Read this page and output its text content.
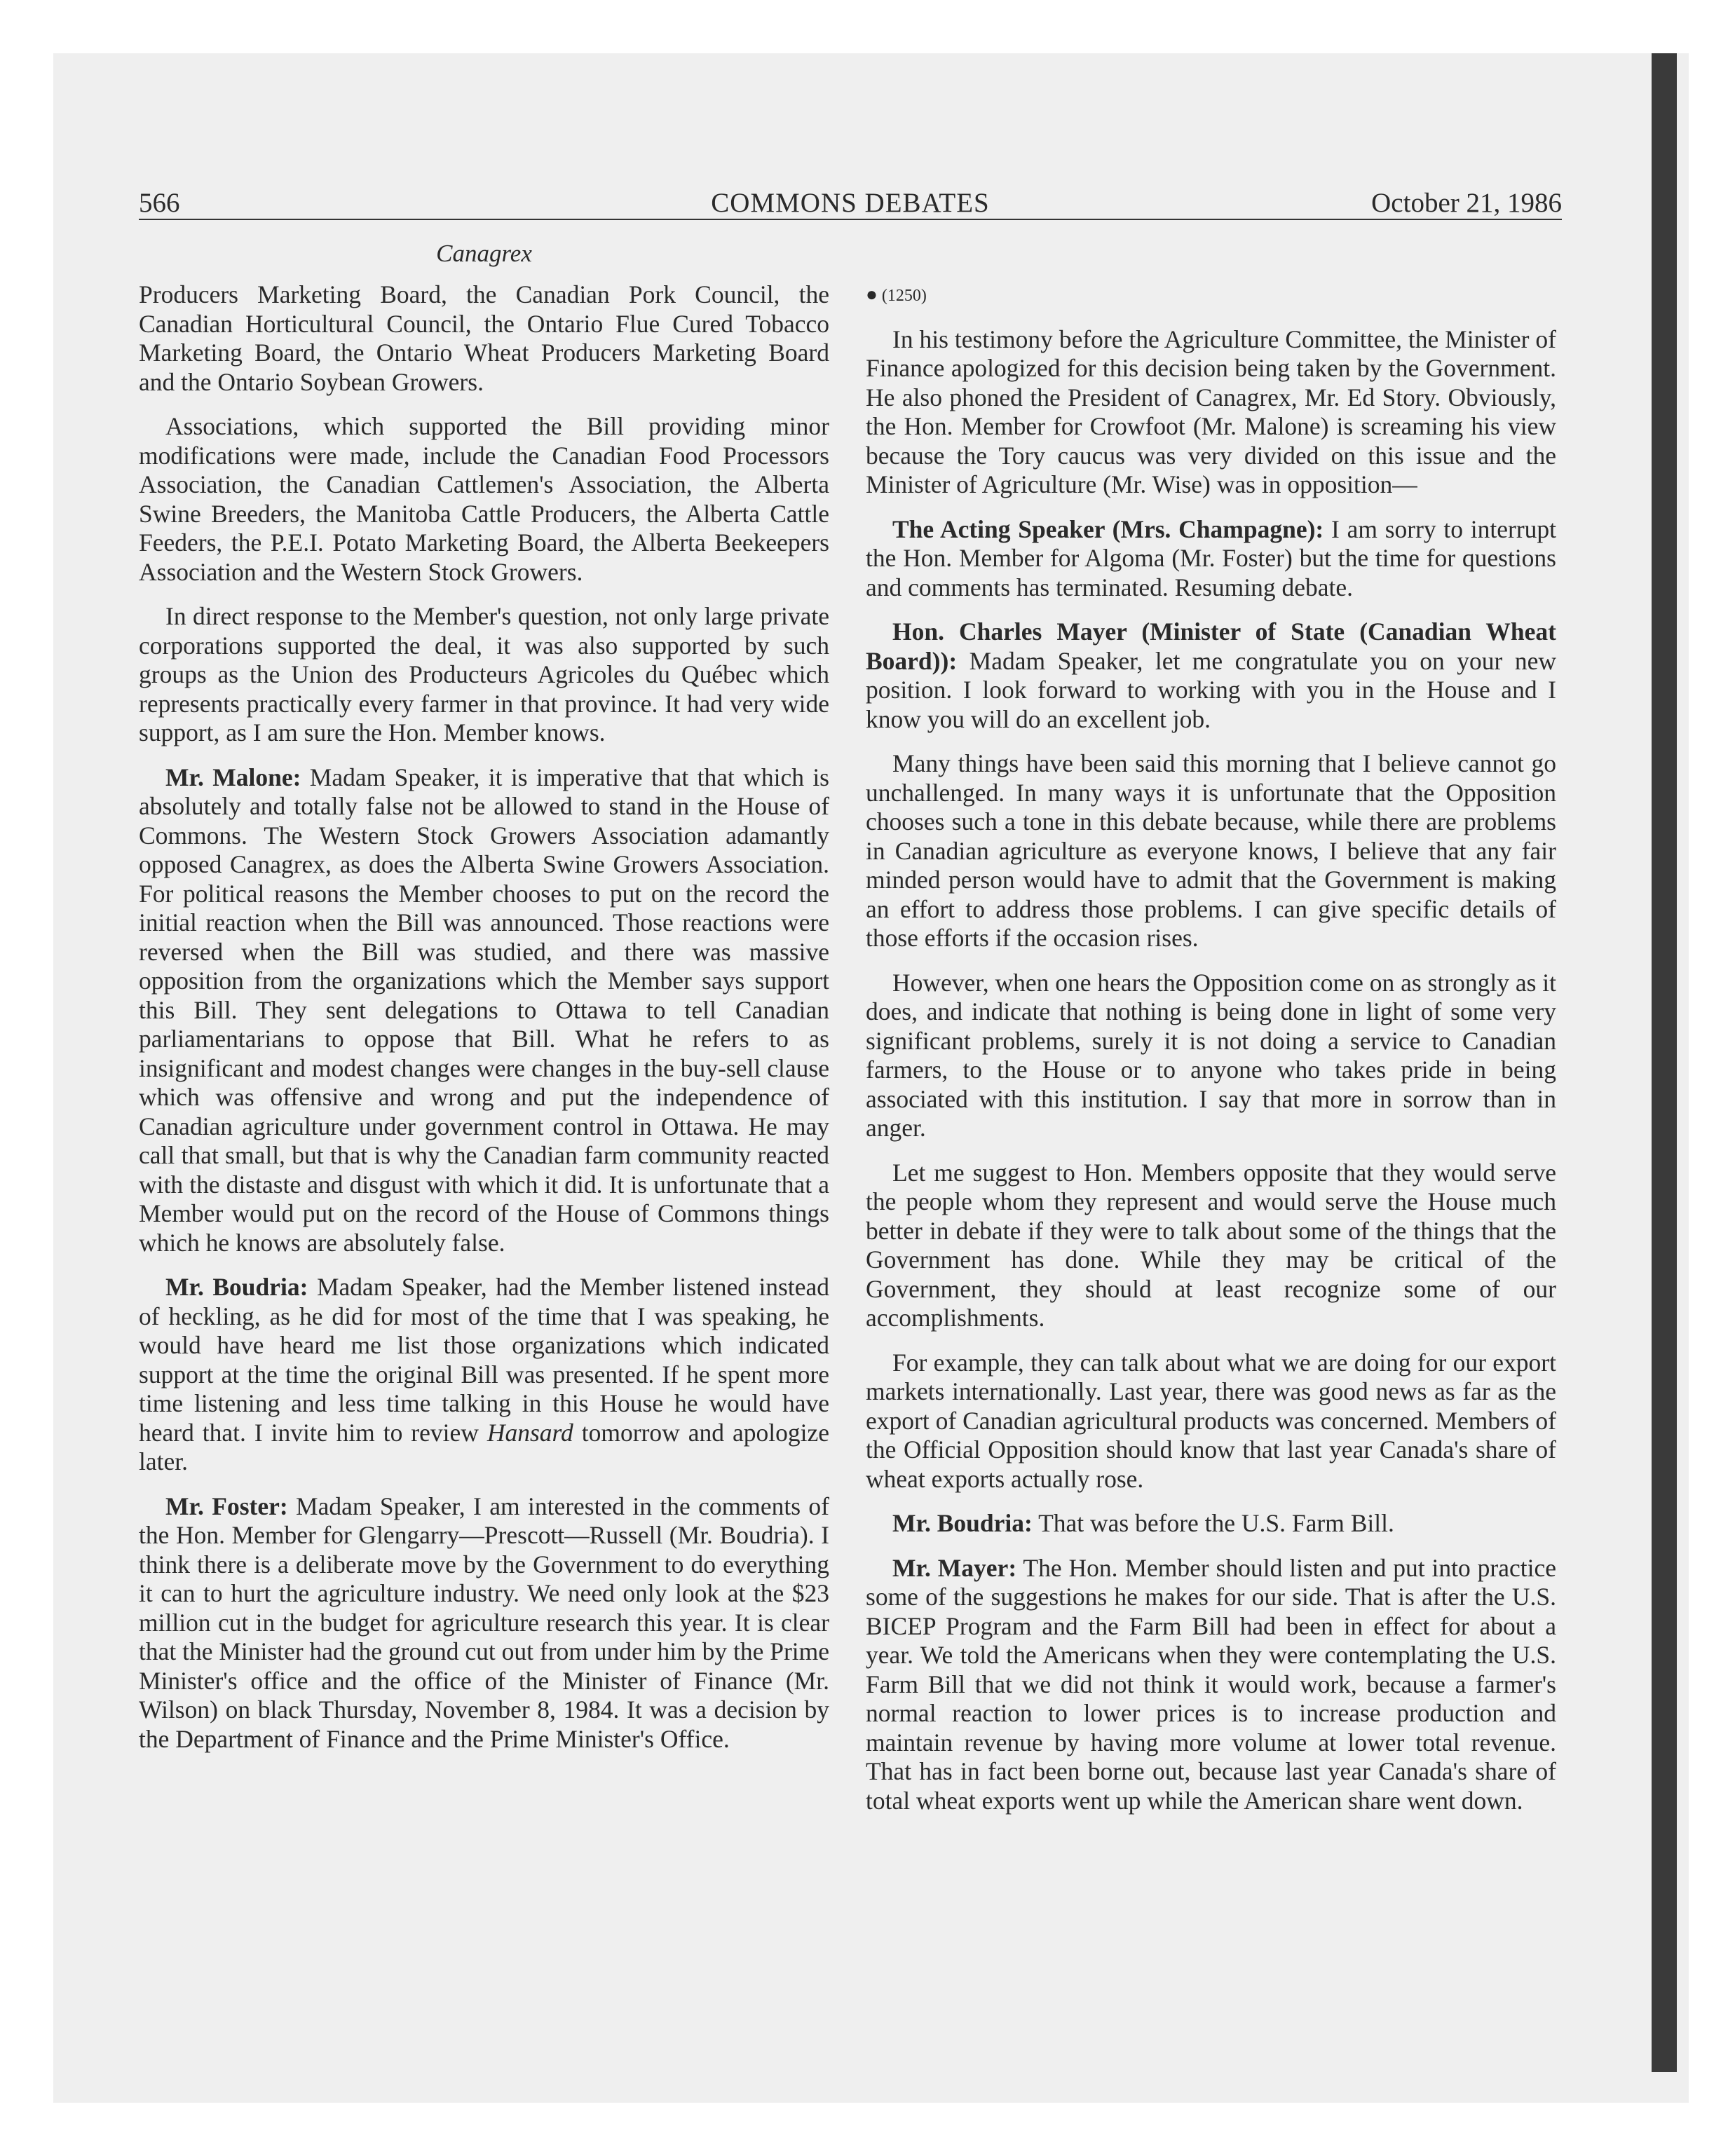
566	COMMONS DEBATES	October 21, 1986
Canagrex

Producers Marketing Board, the Canadian Pork Council, the Canadian Horticultural Council, the Ontario Flue Cured Tobacco Marketing Board, the Ontario Wheat Producers Marketing Board and the Ontario Soybean Growers.

Associations, which supported the Bill providing minor modifications were made, include the Canadian Food Processors Association, the Canadian Cattlemen's Association, the Alberta Swine Breeders, the Manitoba Cattle Producers, the Alberta Cattle Feeders, the P.E.I. Potato Marketing Board, the Alberta Beekeepers Association and the Western Stock Growers.

In direct response to the Member's question, not only large private corporations supported the deal, it was also supported by such groups as the Union des Producteurs Agricoles du Québec which represents practically every farmer in that province. It had very wide support, as I am sure the Hon. Member knows.

Mr. Malone: Madam Speaker, it is imperative that that which is absolutely and totally false not be allowed to stand in the House of Commons. The Western Stock Growers Association adamantly opposed Canagrex, as does the Alberta Swine Growers Association. For political reasons the Member chooses to put on the record the initial reaction when the Bill was announced. Those reactions were reversed when the Bill was studied, and there was massive opposition from the organizations which the Member says support this Bill. They sent delegations to Ottawa to tell Canadian parliamentarians to oppose that Bill. What he refers to as insignificant and modest changes were changes in the buy-sell clause which was offensive and wrong and put the independence of Canadian agriculture under government control in Ottawa. He may call that small, but that is why the Canadian farm community reacted with the distaste and disgust with which it did. It is unfortunate that a Member would put on the record of the House of Commons things which he knows are absolutely false.

Mr. Boudria: Madam Speaker, had the Member listened instead of heckling, as he did for most of the time that I was speaking, he would have heard me list those organizations which indicated support at the time the original Bill was presented. If he spent more time listening and less time talking in this House he would have heard that. I invite him to review Hansard tomorrow and apologize later.

Mr. Foster: Madam Speaker, I am interested in the comments of the Hon. Member for Glengarry—Prescott—Russell (Mr. Boudria). I think there is a deliberate move by the Government to do everything it can to hurt the agriculture industry. We need only look at the $23 million cut in the budget for agriculture research this year. It is clear that the Minister had the ground cut out from under him by the Prime Minister's office and the office of the Minister of Finance (Mr. Wilson) on black Thursday, November 8, 1984. It was a decision by the Department of Finance and the Prime Minister's Office.

● (1250)

In his testimony before the Agriculture Committee, the Minister of Finance apologized for this decision being taken by the Government. He also phoned the President of Canagrex, Mr. Ed Story. Obviously, the Hon. Member for Crowfoot (Mr. Malone) is screaming his view because the Tory caucus was very divided on this issue and the Minister of Agriculture (Mr. Wise) was in opposition—

The Acting Speaker (Mrs. Champagne): I am sorry to interrupt the Hon. Member for Algoma (Mr. Foster) but the time for questions and comments has terminated. Resuming debate.

Hon. Charles Mayer (Minister of State (Canadian Wheat Board)): Madam Speaker, let me congratulate you on your new position. I look forward to working with you in the House and I know you will do an excellent job.

Many things have been said this morning that I believe cannot go unchallenged. In many ways it is unfortunate that the Opposition chooses such a tone in this debate because, while there are problems in Canadian agriculture as everyone knows, I believe that any fair minded person would have to admit that the Government is making an effort to address those problems. I can give specific details of those efforts if the occasion rises.

However, when one hears the Opposition come on as strongly as it does, and indicate that nothing is being done in light of some very significant problems, surely it is not doing a service to Canadian farmers, to the House or to anyone who takes pride in being associated with this institution. I say that more in sorrow than in anger.

Let me suggest to Hon. Members opposite that they would serve the people whom they represent and would serve the House much better in debate if they were to talk about some of the things that the Government has done. While they may be critical of the Government, they should at least recognize some of our accomplishments.

For example, they can talk about what we are doing for our export markets internationally. Last year, there was good news as far as the export of Canadian agricultural products was concerned. Members of the Official Opposition should know that last year Canada's share of wheat exports actually rose.

Mr. Boudria: That was before the U.S. Farm Bill.

Mr. Mayer: The Hon. Member should listen and put into practice some of the suggestions he makes for our side. That is after the U.S. BICEP Program and the Farm Bill had been in effect for about a year. We told the Americans when they were contemplating the U.S. Farm Bill that we did not think it would work, because a farmer's normal reaction to lower prices is to increase production and maintain revenue by having more volume at lower total revenue. That has in fact been borne out, because last year Canada's share of total wheat exports went up while the American share went down.
